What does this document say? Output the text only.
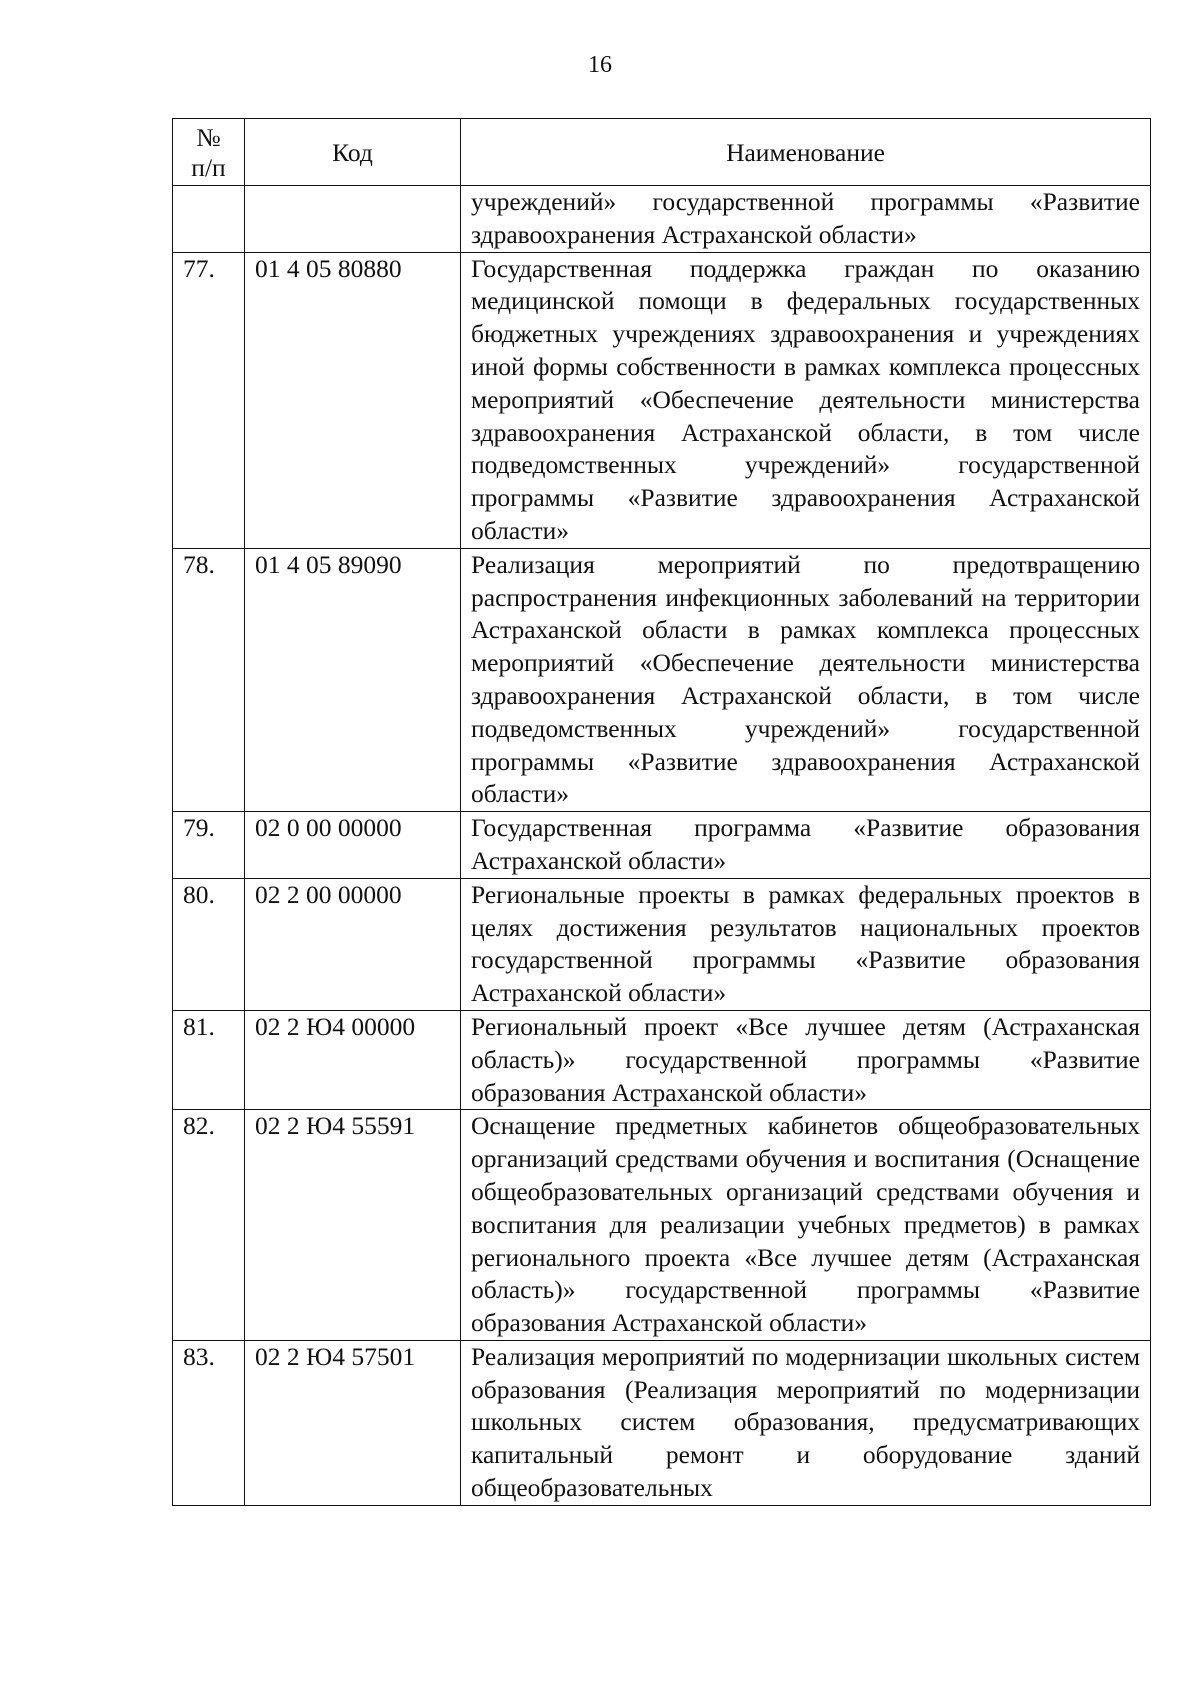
16
№ п/п	Код	Наименование
		учреждений» государственной программы «Развитие здравоохранения Астраханской области»
77.	01 4 05 80880	Государственная поддержка граждан по оказанию медицинской помощи в федеральных государственных бюджетных учреждениях здравоохранения и учреждениях иной формы собственности в рамках комплекса процессных мероприятий «Обеспечение деятельности министерства здравоохранения Астраханской области, в том числе подведомственных учреждений» государственной программы «Развитие здравоохранения Астраханской области»
78.	01 4 05 89090	Реализация мероприятий по предотвращению распространения инфекционных заболеваний на территории Астраханской области в рамках комплекса процессных мероприятий «Обеспечение деятельности министерства здравоохранения Астраханской области, в том числе подведомственных учреждений» государственной программы «Развитие здравоохранения Астраханской области»
79.	02 0 00 00000	Государственная программа «Развитие образования Астраханской области»
80.	02 2 00 00000	Региональные проекты в рамках федеральных проектов в целях достижения результатов национальных проектов государственной программы «Развитие образования Астраханской области»
81.	02 2 Ю4 00000	Региональный проект «Все лучшее детям (Астраханская область)» государственной программы «Развитие образования Астраханской области»
82.	02 2 Ю4 55591	Оснащение предметных кабинетов общеобразовательных организаций средствами обучения и воспитания (Оснащение общеобразовательных организаций средствами обучения и воспитания для реализации учебных предметов) в рамках регионального проекта «Все лучшее детям (Астраханская область)» государственной программы «Развитие образования Астраханской области»
83.	02 2 Ю4 57501	Реализация мероприятий по модернизации школьных систем образования (Реализация мероприятий по модернизации школьных систем образования, предусматривающих капитальный ремонт и оборудование зданий общеобразовательных
